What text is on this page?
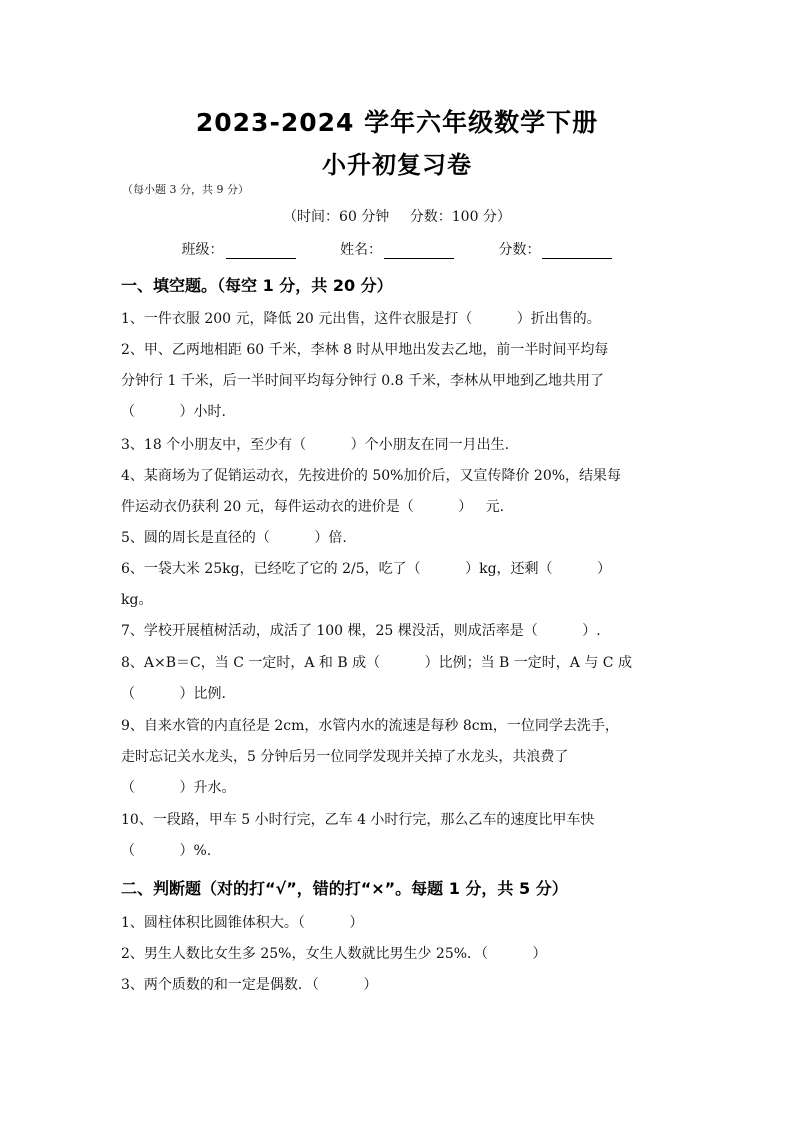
2023-2024 学年六年级数学下册
小升初复习卷
（每小题 3 分，共 9 分）
（时间：60 分钟 分数：100 分）
班级：	姓名：	分数：
一、填空题。（每空 1 分，共 20 分）
1、一件衣服 200 元，降低 20 元出售，这件衣服是打（          ）折出售的。
2、甲、乙两地相距 60 千米，李林 8 时从甲地出发去乙地，前一半时间平均每
分钟行 1 千米，后一半时间平均每分钟行 0.8 千米，李林从甲地到乙地共用了
（          ）小时.
3、18 个小朋友中，至少有（          ）个小朋友在同一月出生.
4、某商场为了促销运动衣，先按进价的 50%加价后，又宣传降价 20%，结果每
件运动衣仍获利 20 元，每件运动衣的进价是（          ）   元.
5、圆的周长是直径的（          ）倍.
6、一袋大米 25kg，已经吃了它的 2/5，吃了（          ）kg，还剩（          ）
kg。
7、学校开展植树活动，成活了 100 棵，25 棵没活，则成活率是（          ）.
8、A×B＝C，当 C 一定时，A 和 B 成（          ）比例；当 B 一定时，A 与 C 成
（          ）比例.
9、自来水管的内直径是 2cm，水管内水的流速是每秒 8cm，一位同学去洗手，
走时忘记关水龙头，5 分钟后另一位同学发现并关掉了水龙头，共浪费了
（          ）升水。
10、一段路，甲车 5 小时行完，乙车 4 小时行完，那么乙车的速度比甲车快
（          ）%.
二、判断题（对的打“√”，错的打“×”。每题 1 分，共 5 分）
1、圆柱体积比圆锥体积大。（          ）
2、男生人数比女生多 25%，女生人数就比男生少 25%．（          ）
3、两个质数的和一定是偶数．（          ）
